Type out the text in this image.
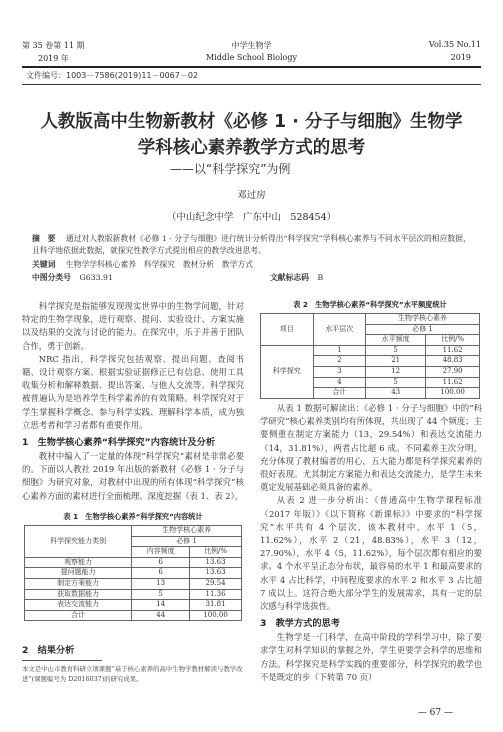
第 35 卷第 11 期
2019 年
中学生物学
Middle School Biology
Vol.35 No.11
2019
文件编号：1003－7586(2019)11－0067－02
人教版高中生物新教材《必修 1 · 分子与细胞》生物学
学科核心素养教学方式的思考
——以“科学探究”为例
邓过房
（中山纪念中学　广东中山　528454）
摘　要 通过对人教版新教材《必修 1 · 分子与细胞》进行统计分析得出“科学探究”学科核心素养与不同水平层次的相应数据，且科学地依据此数据，就探究性教学方式提出相应的教学改进思考。
关键词 生物学学科核心素养　科学探究　教材分析　教学方式
中图分类号 G633.91	文献标志码 B

科学探究是指能够发现现实世界中的生物学问题，针对特定的生物学现象，进行观察、提问、实验设计、方案实施以及结果的交流与讨论的能力。在探究中，乐于并善于团队合作，勇于创新。

NRC 指出，科学探究包括观察、提出问题、查阅书籍、设计观察方案、根据实验证据修正已有信息、使用工具收集分析和解释数据、提出答案、与他人交流等。科学探究被普遍认为是培养学生科学素养的有效策略。科学探究对于学生掌握科学概念、参与科学实践、理解科学本质，成为独立思考者和学习者都有重要作用。

1　生物学核心素养“科学探究”内容统计及分析

教材中编入了一定量的体现“科学探究”素材是非常必要的。下面以人教社 2019 年出版的新教材《必修 1 · 分子与细胞》为研究对象，对教材中出现的所有体现“科学探究”核心素养方面的素材进行全面梳理、深度挖掘（表 1、表 2）。

表 1　生物学核心素养“科学探究”内容统计
科学探究能力类别	生物学核心素养	
	必修 1	
	内容频度	比例/%
观察能力	6	13.63
提问题能力	6	13.63
制定方案能力	13	29.54
获取数据能力	5	11.36
表达交流能力	14	31.81
合计	44	100.00
2　结果分析
本文是中山市教育科研立项课题“基于核心素养的高中生物学教材解读与教学改进”(课题编号为 D2016037)的研究成果。
表 2　生物学核心素养“科学探究”水平频度统计
项目	水平层次	生物学核心素养	
		必修 1	
		水平频度	比例/%
科学探究	1	5	11.62
	2	21	48.83
	3	12	27.90
	4	5	11.62
	合计	43	100.00

从表 1 数据可解读出：《必修 1 · 分子与细胞》中的“科学研究”核心素养类别均有所体现，共出现了 44 个频度；主要侧重在制定方案能力（13，29.54%）和表达交流能力（14，31.81%），两者占比超 6 成。不同素养主次分明，充分体现了教材编者的用心，五大能力都是科学探究素养的很好表现。尤其制定方案能力和表达交流能力，是学生未来奠定发展基础必须具备的素养。

从表 2 进一步分析出：《普通高中生物学课程标准（2017 年版）》《以下简称《新课标》》中要求的“科学探究”水平共有 4 个层次，该本教材中，水平 1（5，11.62%），水平 2（21，48.83%），水平 3（12，27.90%），水平 4（5，11.62%），每个层次都有相应的要求。4 个水平呈正态分布状，最容易的水平 1 和最高要求的水平 4 占比科学，中间程度要求的水平 2 和水平 3 占比超 7 成以上。这符合绝大部分学生的发展需求，具有一定的层次感与科学选拔性。

3　教学方式的思考

生物学是一门科学，在高中阶段的学科学习中，除了要求学生对科学知识的掌握之外，学生更要学会科学的思维和方法。科学探究是科学实践的重要部分，科学探究的教学也不是既定的步（下转第 70 页）

— 67 —
